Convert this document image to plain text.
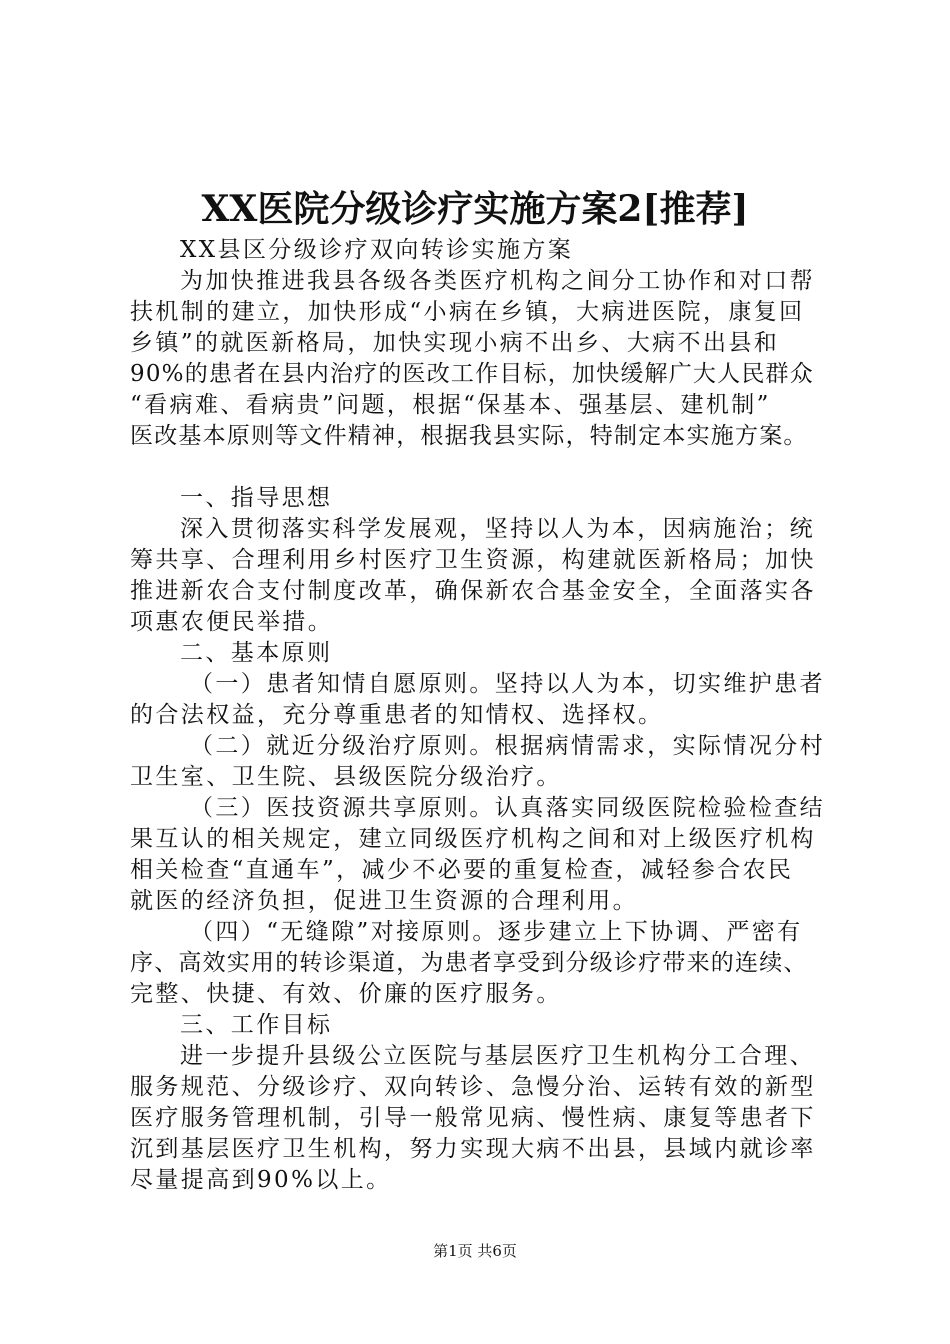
XX医院分级诊疗实施方案2[推荐]
XX县区分级诊疗双向转诊实施方案
为加快推进我县各级各类医疗机构之间分工协作和对口帮
扶机制的建立，加快形成“小病在乡镇，大病进医院，康复回
乡镇”的就医新格局，加快实现小病不出乡、大病不出县和
90%的患者在县内治疗的医改工作目标，加快缓解广大人民群众
“看病难、看病贵”问题，根据“保基本、强基层、建机制”
医改基本原则等文件精神，根据我县实际，特制定本实施方案。
一、指导思想
深入贯彻落实科学发展观，坚持以人为本，因病施治；统
筹共享、合理利用乡村医疗卫生资源，构建就医新格局；加快
推进新农合支付制度改革，确保新农合基金安全，全面落实各
项惠农便民举措。
二、基本原则
（一）患者知情自愿原则。坚持以人为本，切实维护患者
的合法权益，充分尊重患者的知情权、选择权。
（二）就近分级治疗原则。根据病情需求，实际情况分村
卫生室、卫生院、县级医院分级治疗。
（三）医技资源共享原则。认真落实同级医院检验检查结
果互认的相关规定，建立同级医疗机构之间和对上级医疗机构
相关检查“直通车”，减少不必要的重复检查，减轻参合农民
就医的经济负担，促进卫生资源的合理利用。
（四）“无缝隙”对接原则。逐步建立上下协调、严密有
序、高效实用的转诊渠道，为患者享受到分级诊疗带来的连续、
完整、快捷、有效、价廉的医疗服务。
三、工作目标
进一步提升县级公立医院与基层医疗卫生机构分工合理、
服务规范、分级诊疗、双向转诊、急慢分治、运转有效的新型
医疗服务管理机制，引导一般常见病、慢性病、康复等患者下
沉到基层医疗卫生机构，努力实现大病不出县，县域内就诊率
尽量提高到90%以上。
第1页 共6页
